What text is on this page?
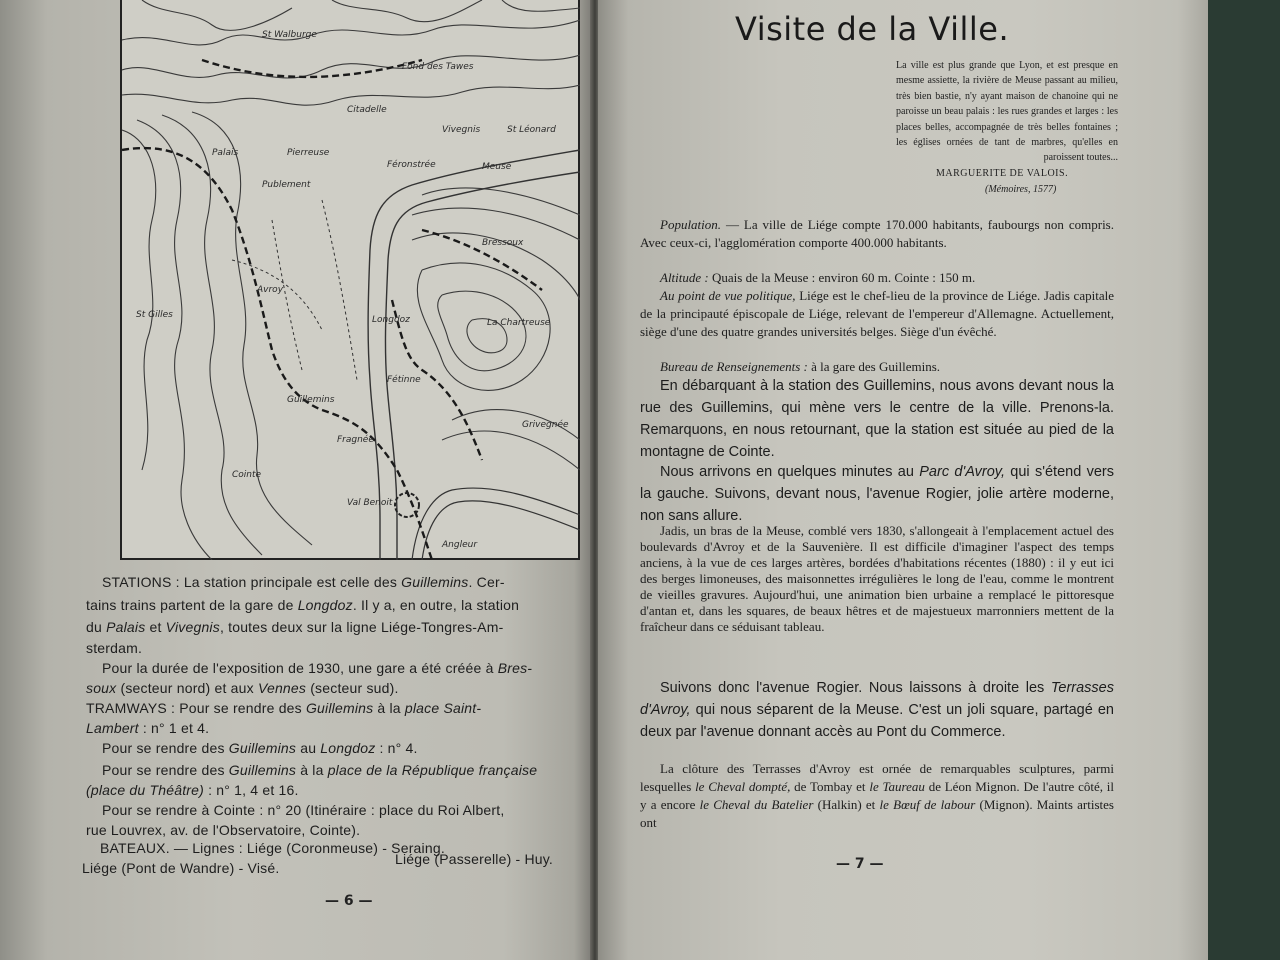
St Walburge
Fond des Tawes
Citadelle
Vivegnis	St Léonard
Pierreuse
Palais
Féronstrée	Meuse
Publement
Bressoux
Avroy
St Gilles	Longdoz	La Chartreuse
Fétinne
Guillemins
Fragnée
Grivegnée
Cointe
Val Benoit
Angleur
STATIONS : La station principale est celle des Guillemins. Cer-
tains trains partent de la gare de Longdoz. Il y a, en outre, la station
du Palais et Vivegnis, toutes deux sur la ligne Liége-Tongres-Am-
sterdam.
Pour la durée de l'exposition de 1930, une gare a été créée à Bres-
soux (secteur nord) et aux Vennes (secteur sud).
TRAMWAYS : Pour se rendre des Guillemins à la place Saint-
Lambert : n° 1 et 4.
Pour se rendre des Guillemins au Longdoz : n° 4.
Pour se rendre des Guillemins à la place de la République française
(place du Théâtre) : n° 1, 4 et 16.
Pour se rendre à Cointe : n° 20 (Itinéraire : place du Roi Albert,
rue Louvrex, av. de l'Observatoire, Cointe).
BATEAUX. — Lignes : Liége (Coronmeuse) - Seraing.
Liége (Passerelle) - Huy.
Liége (Pont de Wandre) - Visé.
— 6 —
Visite de la Ville.
La ville est plus grande que Lyon, et est presque en mesme assiette, la rivière de Meuse passant au milieu, très bien bastie, n'y ayant maison de chanoine qui ne paroisse un beau palais : les rues grandes et larges : les places belles, accompagnée de très belles fontaines ; les églises ornées de tant de marbres, qu'elles en paroissent toutes...
MARGUERITE DE VALOIS.
(Mémoires, 1577)
Population. — La ville de Liége compte 170.000 habitants, faubourgs non compris. Avec ceux-ci, l'agglomération comporte 400.000 habitants.
Altitude : Quais de la Meuse : environ 60 m. Cointe : 150 m.
Au point de vue politique, Liége est le chef-lieu de la province de Liége. Jadis capitale de la principauté épiscopale de Liége, relevant de l'empereur d'Allemagne. Actuellement, siège d'une des quatre grandes universités belges. Siège d'un évêché.
Bureau de Renseignements : à la gare des Guillemins.
En débarquant à la station des Guillemins, nous avons devant nous la rue des Guillemins, qui mène vers le centre de la ville. Prenons-la. Remarquons, en nous retournant, que la station est située au pied de la montagne de Cointe.
Nous arrivons en quelques minutes au Parc d'Avroy, qui s'étend vers la gauche. Suivons, devant nous, l'avenue Rogier, jolie artère moderne, non sans allure.
Jadis, un bras de la Meuse, comblé vers 1830, s'allongeait à l'emplacement actuel des boulevards d'Avroy et de la Sauvenière. Il est difficile d'imaginer l'aspect des temps anciens, à la vue de ces larges artères, bordées d'habitations récentes (1880) : il y eut ici des berges limoneuses, des maisonnettes irrégulières le long de l'eau, comme le montrent de vieilles gravures. Aujourd'hui, une animation bien urbaine a remplacé le pittoresque d'antan et, dans les squares, de beaux hêtres et de majestueux marronniers mettent de la fraîcheur dans ce séduisant tableau.
Suivons donc l'avenue Rogier. Nous laissons à droite les Terrasses d'Avroy, qui nous séparent de la Meuse. C'est un joli square, partagé en deux par l'avenue donnant accès au Pont du Commerce.
La clôture des Terrasses d'Avroy est ornée de remarquables sculptures, parmi lesquelles le Cheval dompté, de Tombay et le Taureau de Léon Mignon. De l'autre côté, il y a encore le Cheval du Batelier (Halkin) et le Bœuf de labour (Mignon). Maints artistes ont
— 7 —
